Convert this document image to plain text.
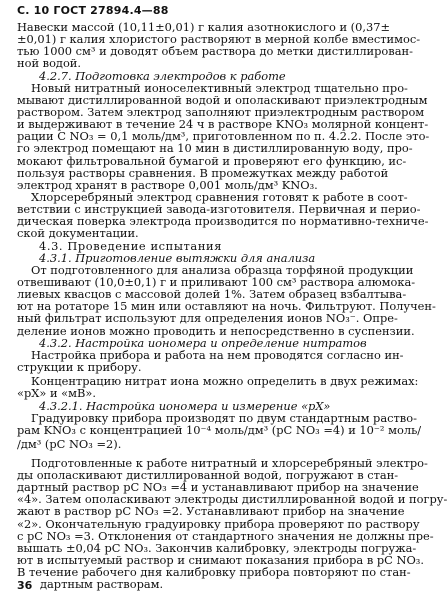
С. 10 ГОСТ 27894.4—88
Навески массой (10,11±0,01) г калия азотнокислого и (0,37±
±0,01) г калия хлористого растворяют в мерной колбе вместимос-
тью 1000 см³ и доводят объем раствора до метки дистиллирован-
ной водой.
4.2.7. Подготовка электродов к работе
Новый нитратный ионоселективный электрод тщательно про-
мывают дистиллированной водой и ополаскивают приэлектродным
раствором. Затем электрод заполняют приэлектродным раствором
и выдерживают в течение 24 ч в растворе KNO₃ молярной концент-
рации C NO₃ = 0,1 моль/дм³, приготовленном по п. 4.2.2. После это-
го электрод помещают на 10 мин в дистиллированную воду, про-
мокают фильтровальной бумагой и проверяют его функцию, ис-
пользуя растворы сравнения. В промежутках между работой
электрод хранят в растворе 0,001 моль/дм³ KNO₃.
Хлорсеребряный электрод сравнения готовят к работе в соот-
ветствии с инструкцией завода-изготовителя. Первичная и перио-
дическая поверка электрода производится по нормативно-техниче-
ской документации.
4.3. Проведение испытания
4.3.1. Приготовление вытяжки для анализа
От подготовленного для анализа образца торфяной продукции
отвешивают (10,0±0,1) г и приливают 100 см³ раствора алюмока-
лиевых квасцов с массовой долей 1%. Затем образец взбалтыва-
ют на ротаторе 15 мин или оставляют на ночь. Фильтруют. Получен-
ный фильтрат используют для определения ионов NO₃⁻. Опре-
деление ионов можно проводить и непосредственно в суспензии.
4.3.2. Настройка иономера и определение нитратов
Настройка прибора и работа на нем проводятся согласно ин-
струкции к прибору.
Концентрацию нитрат иона можно определить в двух режимах:
«рХ» и «мВ».
4.3.2.1. Настройка иономера и измерение «рХ»
Градуировку прибора производят по двум стандартным раство-
рам KNO₃ с концентрацией 10⁻⁴ моль/дм³ (pC NO₃ =4) и 10⁻² моль/
/дм³ (pC NO₃ =2).
Подготовленные к работе нитратный и хлорсеребряный электро-
ды ополаскивают дистиллированной водой, погружают в стан-
дартный раствор pC NO₃ =4 и устанавливают прибор на значение
«4». Затем ополаскивают электроды дистиллированной водой и погру-
жают в раствор pC NO₃ =2. Устанавливают прибор на значение
«2». Окончательную градуировку прибора проверяют по раствору
с pC NO₃ =3. Отклонения от стандартного значения не должны пре-
вышать ±0,04 pC NO₃. Закончив калибровку, электроды погружа-
ют в испытуемый раствор и снимают показания прибора в pC NO₃.
В течение рабочего дня калибровку прибора повторяют по стан-
дартным растворам.
36
